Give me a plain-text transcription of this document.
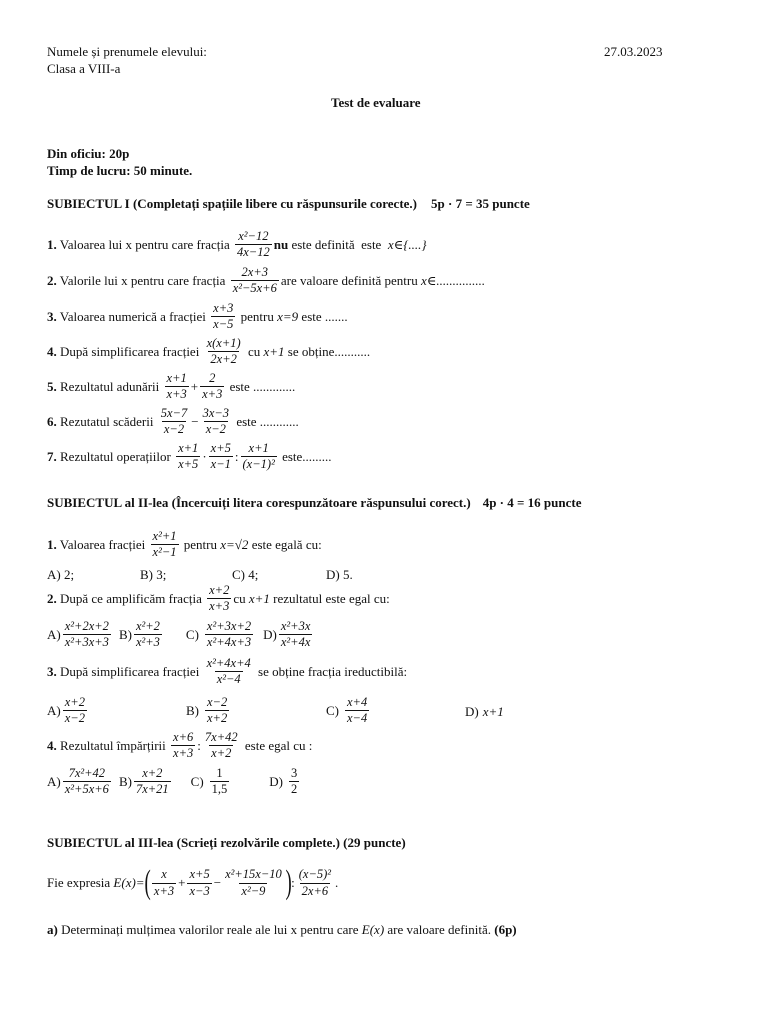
Numele și prenumele elevului:	27.03.2023
Clasa a VIII-a
Test de evaluare
Din oficiu: 20p
Timp de lucru: 50 minute.
SUBIECTUL I (Completați spațiile libere cu răspunsurile corecte.) 5p · 7 = 35 puncte
1. Valoarea lui x pentru care fracția $\frac{\text{x²−12}}{4x-12}$ nu este definită  este x∈{....}
2. Valorile lui x pentru care fracția $\frac{2x+3}{\text{x²−5x+6}}$ are valoare definită pentru x∈...............
3. Valoarea numerică a fracției $\frac{x+3}{x-5}$ pentru x=9 este .......
4. După simplificarea fracției $\frac{x(x+1)}{2x+2}$ cu x+1 se obține...........
5. Rezultatul adunării $\frac{x+1}{x+3} + \frac{2}{x+3}$ este .............
6. Rezutatul scăderii $\frac{5x-7}{x-2} - \frac{3x-3}{x-2}$ este ............
7. Rezultatul operațiilor $\frac{x+1}{x+5} \cdot \frac{x+5}{x-1}$ : $\frac{x+1}{\text{(x−1)²}}$ este.........
SUBIECTUL al II-lea (Încercuiți litera corespunzătoare răspunsului corect.) 4p · 4 = 16 puncte
1. Valoarea fracției $\frac{\text{x²+1}}{\text{x²−1}}$ pentru x=√2 este egală cu:
A) 2;	B) 3;	C) 4;	D) 5.
2. După ce amplificăm fracția $\frac{x+2}{x+3}$ cu x+1 rezultatul este egal cu:
$A) \frac{\text{x²+2x+2}}{\text{x²+3x+3}} B) \frac{\text{x²+2}}{\text{x²+3}} C) \frac{\text{x²+3x+2}}{\text{x²+4x+3}} D) \frac{\text{x²+3x}}{\text{x²+4x}}$
3. După simplificarea fracției $\frac{\text{x²+4x+4}}{\text{x²−4}}$ se obține fracția ireductibilă:
$A) \frac{x+2}{x-2}$	$B) \frac{x-2}{x+2}$	$C) \frac{x+4}{x-4}$	D) x+1
4. Rezultatul împărțirii $\frac{x+6}{x+3}$ : $\frac{7x+42}{x+2}$ este egal cu :
$A) \frac{\text{7x²+42}}{\text{x²+5x+6}} B) \frac{x+2}{7x+21} C) \frac{1}{1,5}$	$D) \frac{3}{2}$
SUBIECTUL al III-lea (Scrieți rezolvările complete.) (29 puncte)
Fie expresia E(x)= ( $\frac{x}{x+3} + \frac{x+5}{x-3} - \frac{\text{x²+15x−10}}{\text{x²−9}}$ ) : $\frac{\text{(x−5)²}}{2x+6}$ .
a) Determinați mulțimea valorilor reale ale lui x pentru care E(x) are valoare definită. (6p)
